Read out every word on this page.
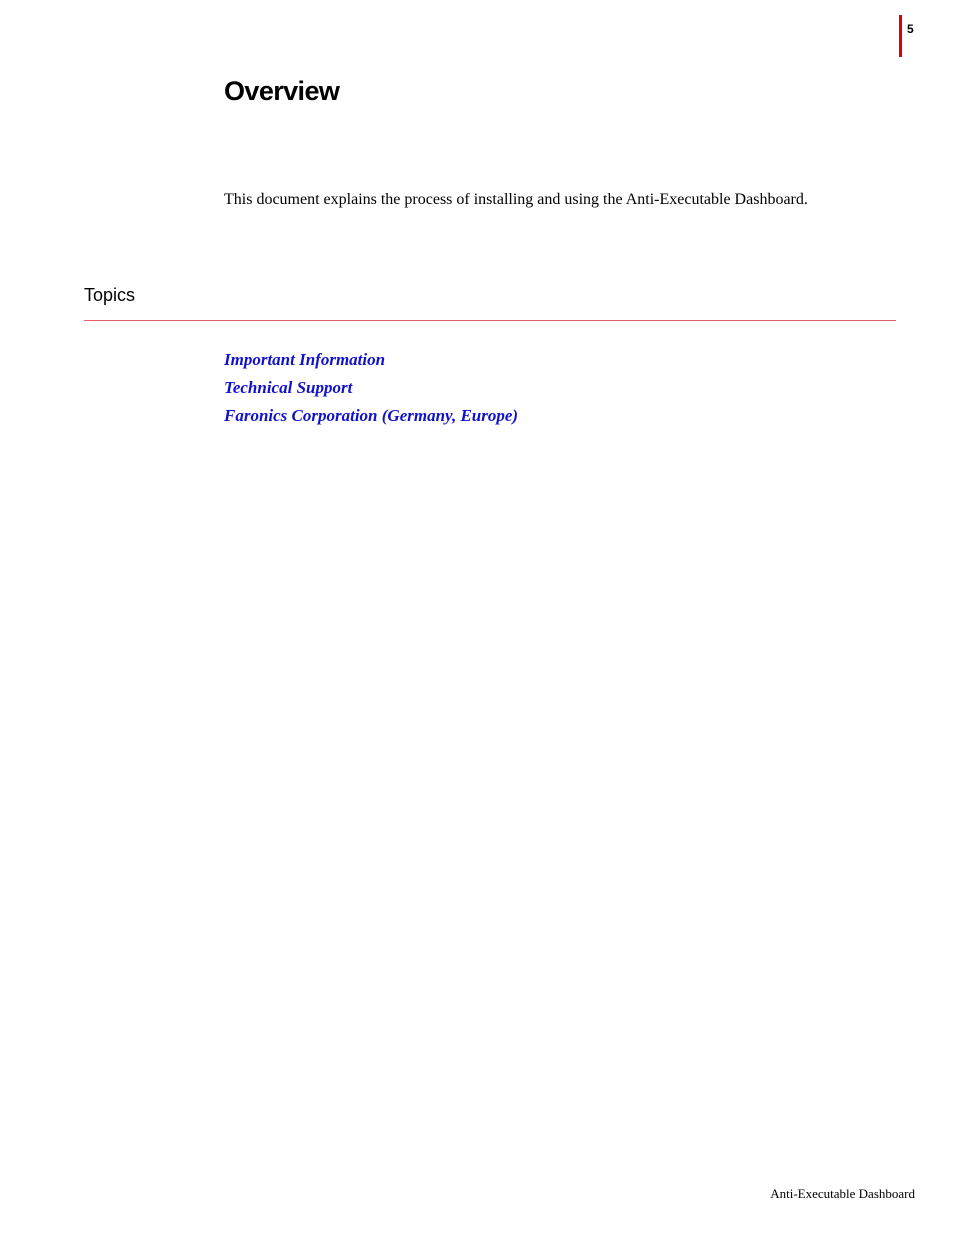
5
Overview

This document explains the process of installing and using the Anti-Executable Dashboard.

Topics
Important Information
Technical Support
Faronics Corporation (Germany, Europe)
Anti-Executable Dashboard
